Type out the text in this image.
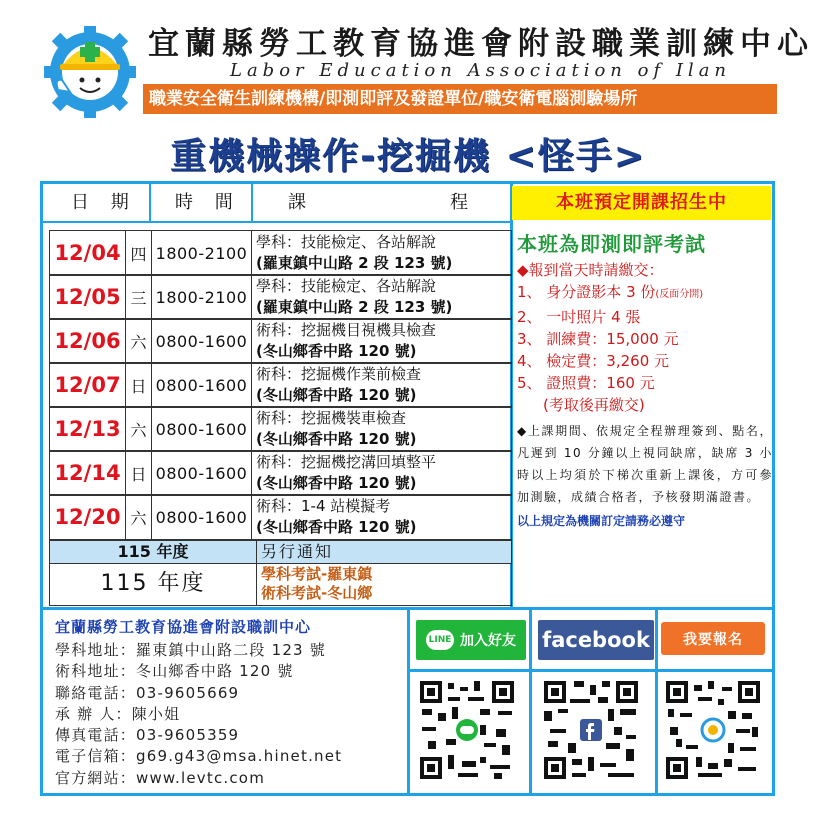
宜蘭縣勞工教育協進會附設職業訓練中心
Labor Education Association of Ilan
職業安全衛生訓練機構/即測即評及發證單位/職安衛電腦測驗場所
重機械操作-挖掘機 <怪手>
日 期 時 間	課	程	本班預定開課招生中
12/04 四 1800-2100
學科：技能檢定、各站解說
(羅東鎮中山路 2 段 123 號)
12/05 三 1800-2100
學科：技能檢定、各站解說
(羅東鎮中山路 2 段 123 號)
12/06 六 0800-1600
術科：挖掘機目視機具檢查
(冬山鄉香中路 120 號)
12/07 日 0800-1600
術科：挖掘機作業前檢查
(冬山鄉香中路 120 號)
12/13 六 0800-1600
術科：挖掘機裝車檢查
(冬山鄉香中路 120 號)
12/14 日 0800-1600
術科：挖掘機挖溝回填整平
(冬山鄉香中路 120 號)
12/20 六 0800-1600
術科：1-4 站模擬考
(冬山鄉香中路 120 號)
115 年度	另行通知
115 年度	學科考試-羅東鎮
術科考試-冬山鄉
本班為即測即評考試
◆報到當天時請繳交：
1、 身分證影本 3 份(反面分開)
2、 一吋照片 4 張
3、 訓練費：15,000 元
4、 檢定費：3,260 元
5、 證照費：160 元
(考取後再繳交)
◆上課期間、依規定全程辦理簽到、點名，凡遲到 10 分鐘以上視同缺席，缺席 3 小時以上均須於下梯次重新上課後，方可參加測驗，成績合格者，予核發期滿證書。
以上規定為機關訂定請務必遵守
宜蘭縣勞工教育協進會附設職訓中心
學科地址：羅東鎮中山路二段 123 號
術科地址：冬山鄉香中路 120 號
聯絡電話：03-9605669
承 辦 人：陳小姐
傳真電話：03-9605359
電子信箱：g69.g43@msa.hinet.net
官方網站：www.levtc.com
LINE 加入好友 facebook	我要報名
